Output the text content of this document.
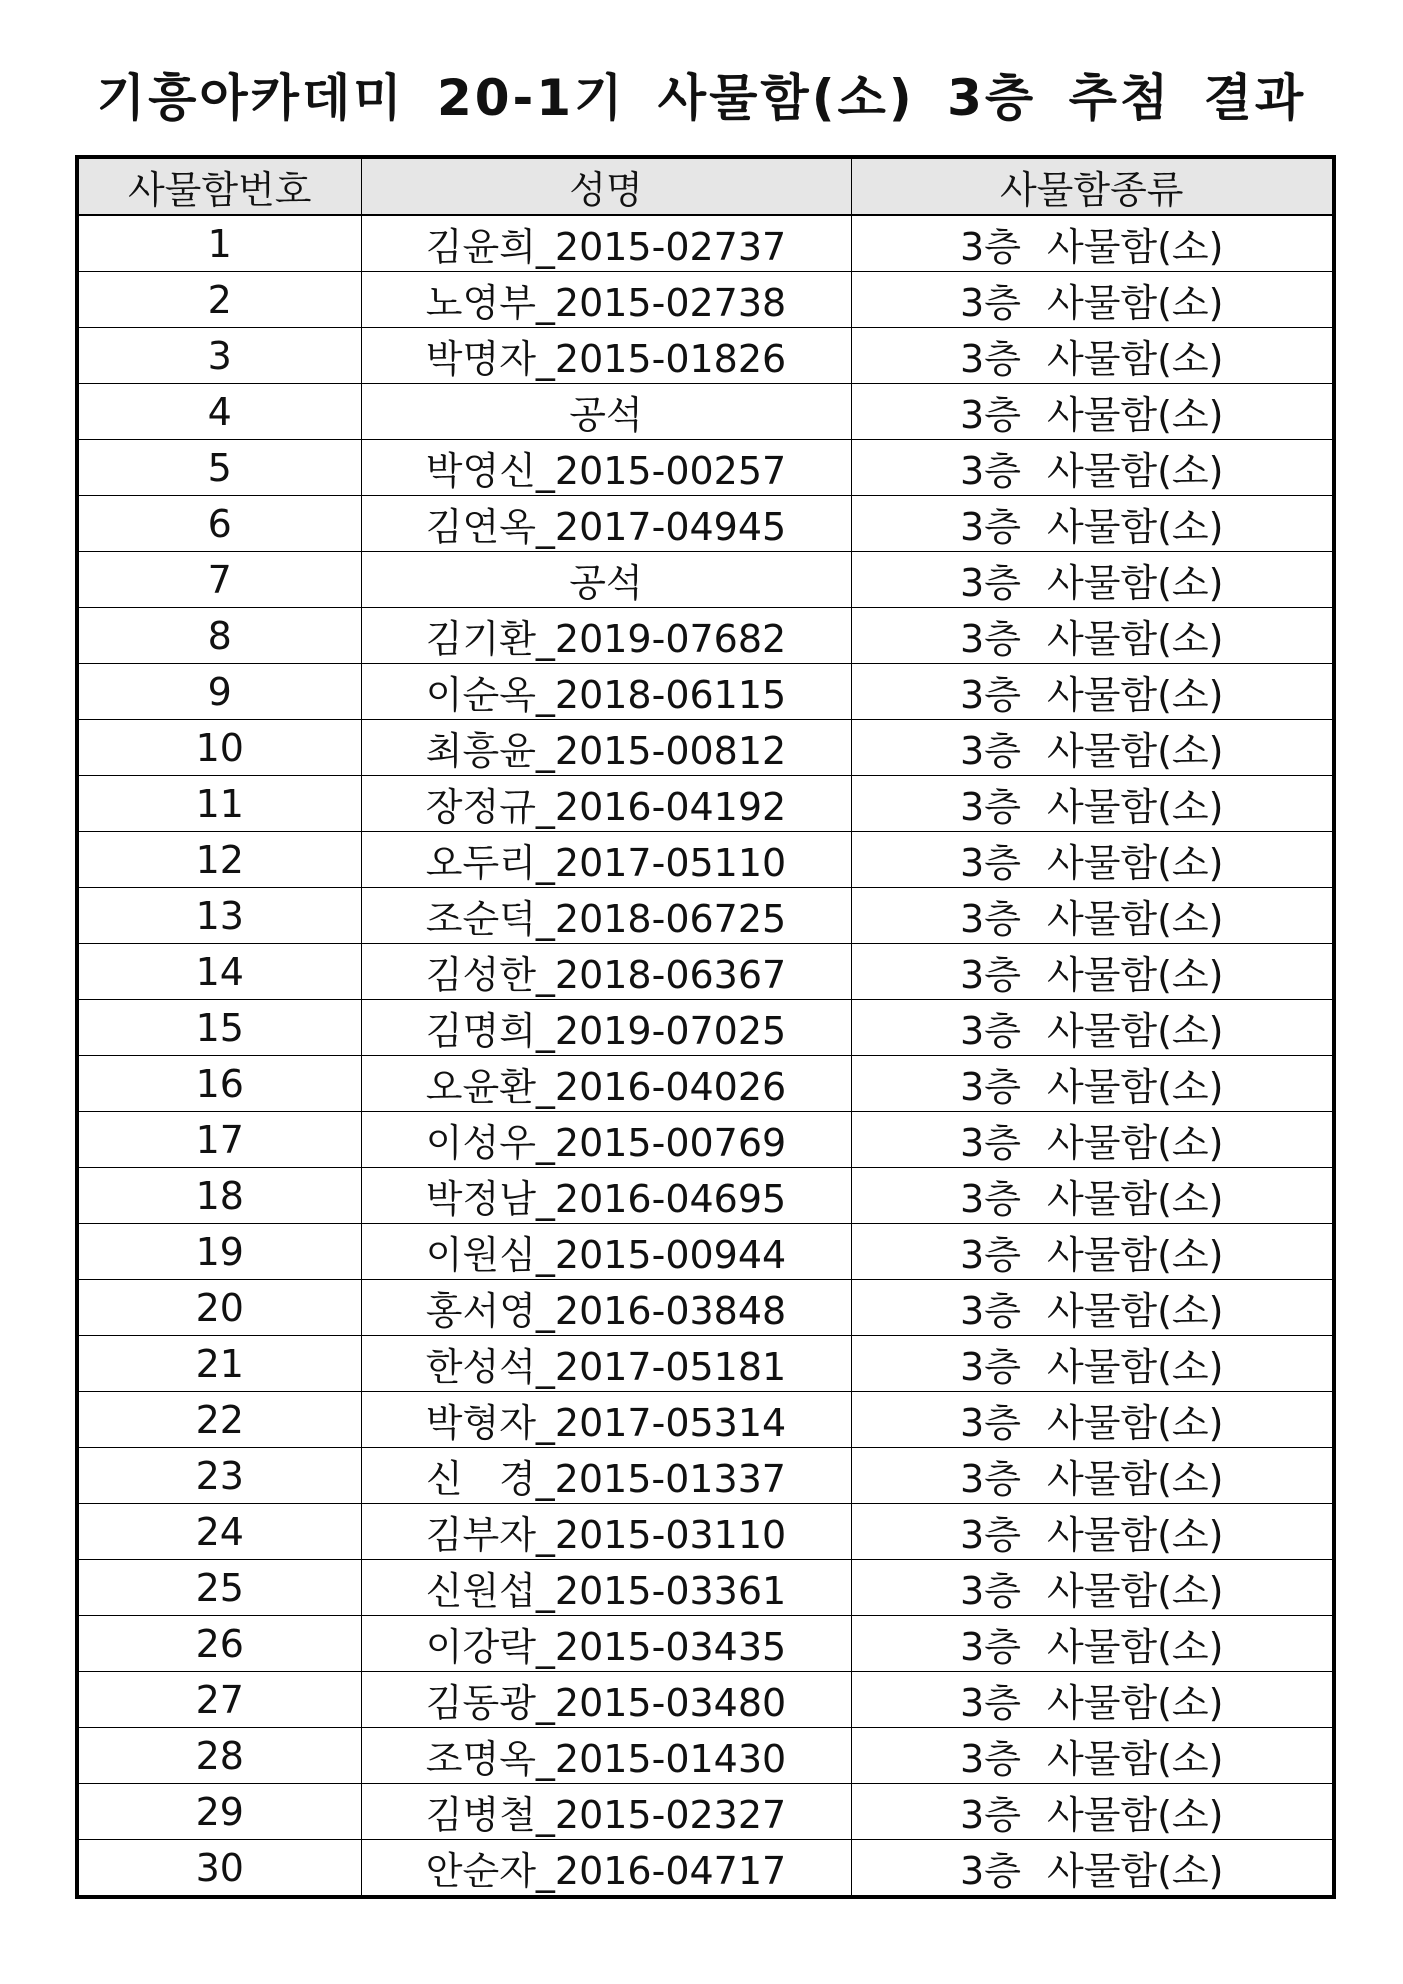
기흥아카데미 20-1기 사물함(소) 3층 추첨 결과
사물함번호	성명	사물함종류
1	김윤희_2015-02737	3층 사물함(소)
2	노영부_2015-02738	3층 사물함(소)
3	박명자_2015-01826	3층 사물함(소)
4	공석	3층 사물함(소)
5	박영신_2015-00257	3층 사물함(소)
6	김연옥_2017-04945	3층 사물함(소)
7	공석	3층 사물함(소)
8	김기환_2019-07682	3층 사물함(소)
9	이순옥_2018-06115	3층 사물함(소)
10	최흥윤_2015-00812	3층 사물함(소)
11	장정규_2016-04192	3층 사물함(소)
12	오두리_2017-05110	3층 사물함(소)
13	조순덕_2018-06725	3층 사물함(소)
14	김성한_2018-06367	3층 사물함(소)
15	김명희_2019-07025	3층 사물함(소)
16	오윤환_2016-04026	3층 사물함(소)
17	이성우_2015-00769	3층 사물함(소)
18	박정남_2016-04695	3층 사물함(소)
19	이원심_2015-00944	3층 사물함(소)
20	홍서영_2016-03848	3층 사물함(소)
21	한성석_2017-05181	3층 사물함(소)
22	박형자_2017-05314	3층 사물함(소)
23	신   경_2015-01337	3층 사물함(소)
24	김부자_2015-03110	3층 사물함(소)
25	신원섭_2015-03361	3층 사물함(소)
26	이강락_2015-03435	3층 사물함(소)
27	김동광_2015-03480	3층 사물함(소)
28	조명옥_2015-01430	3층 사물함(소)
29	김병철_2015-02327	3층 사물함(소)
30	안순자_2016-04717	3층 사물함(소)
